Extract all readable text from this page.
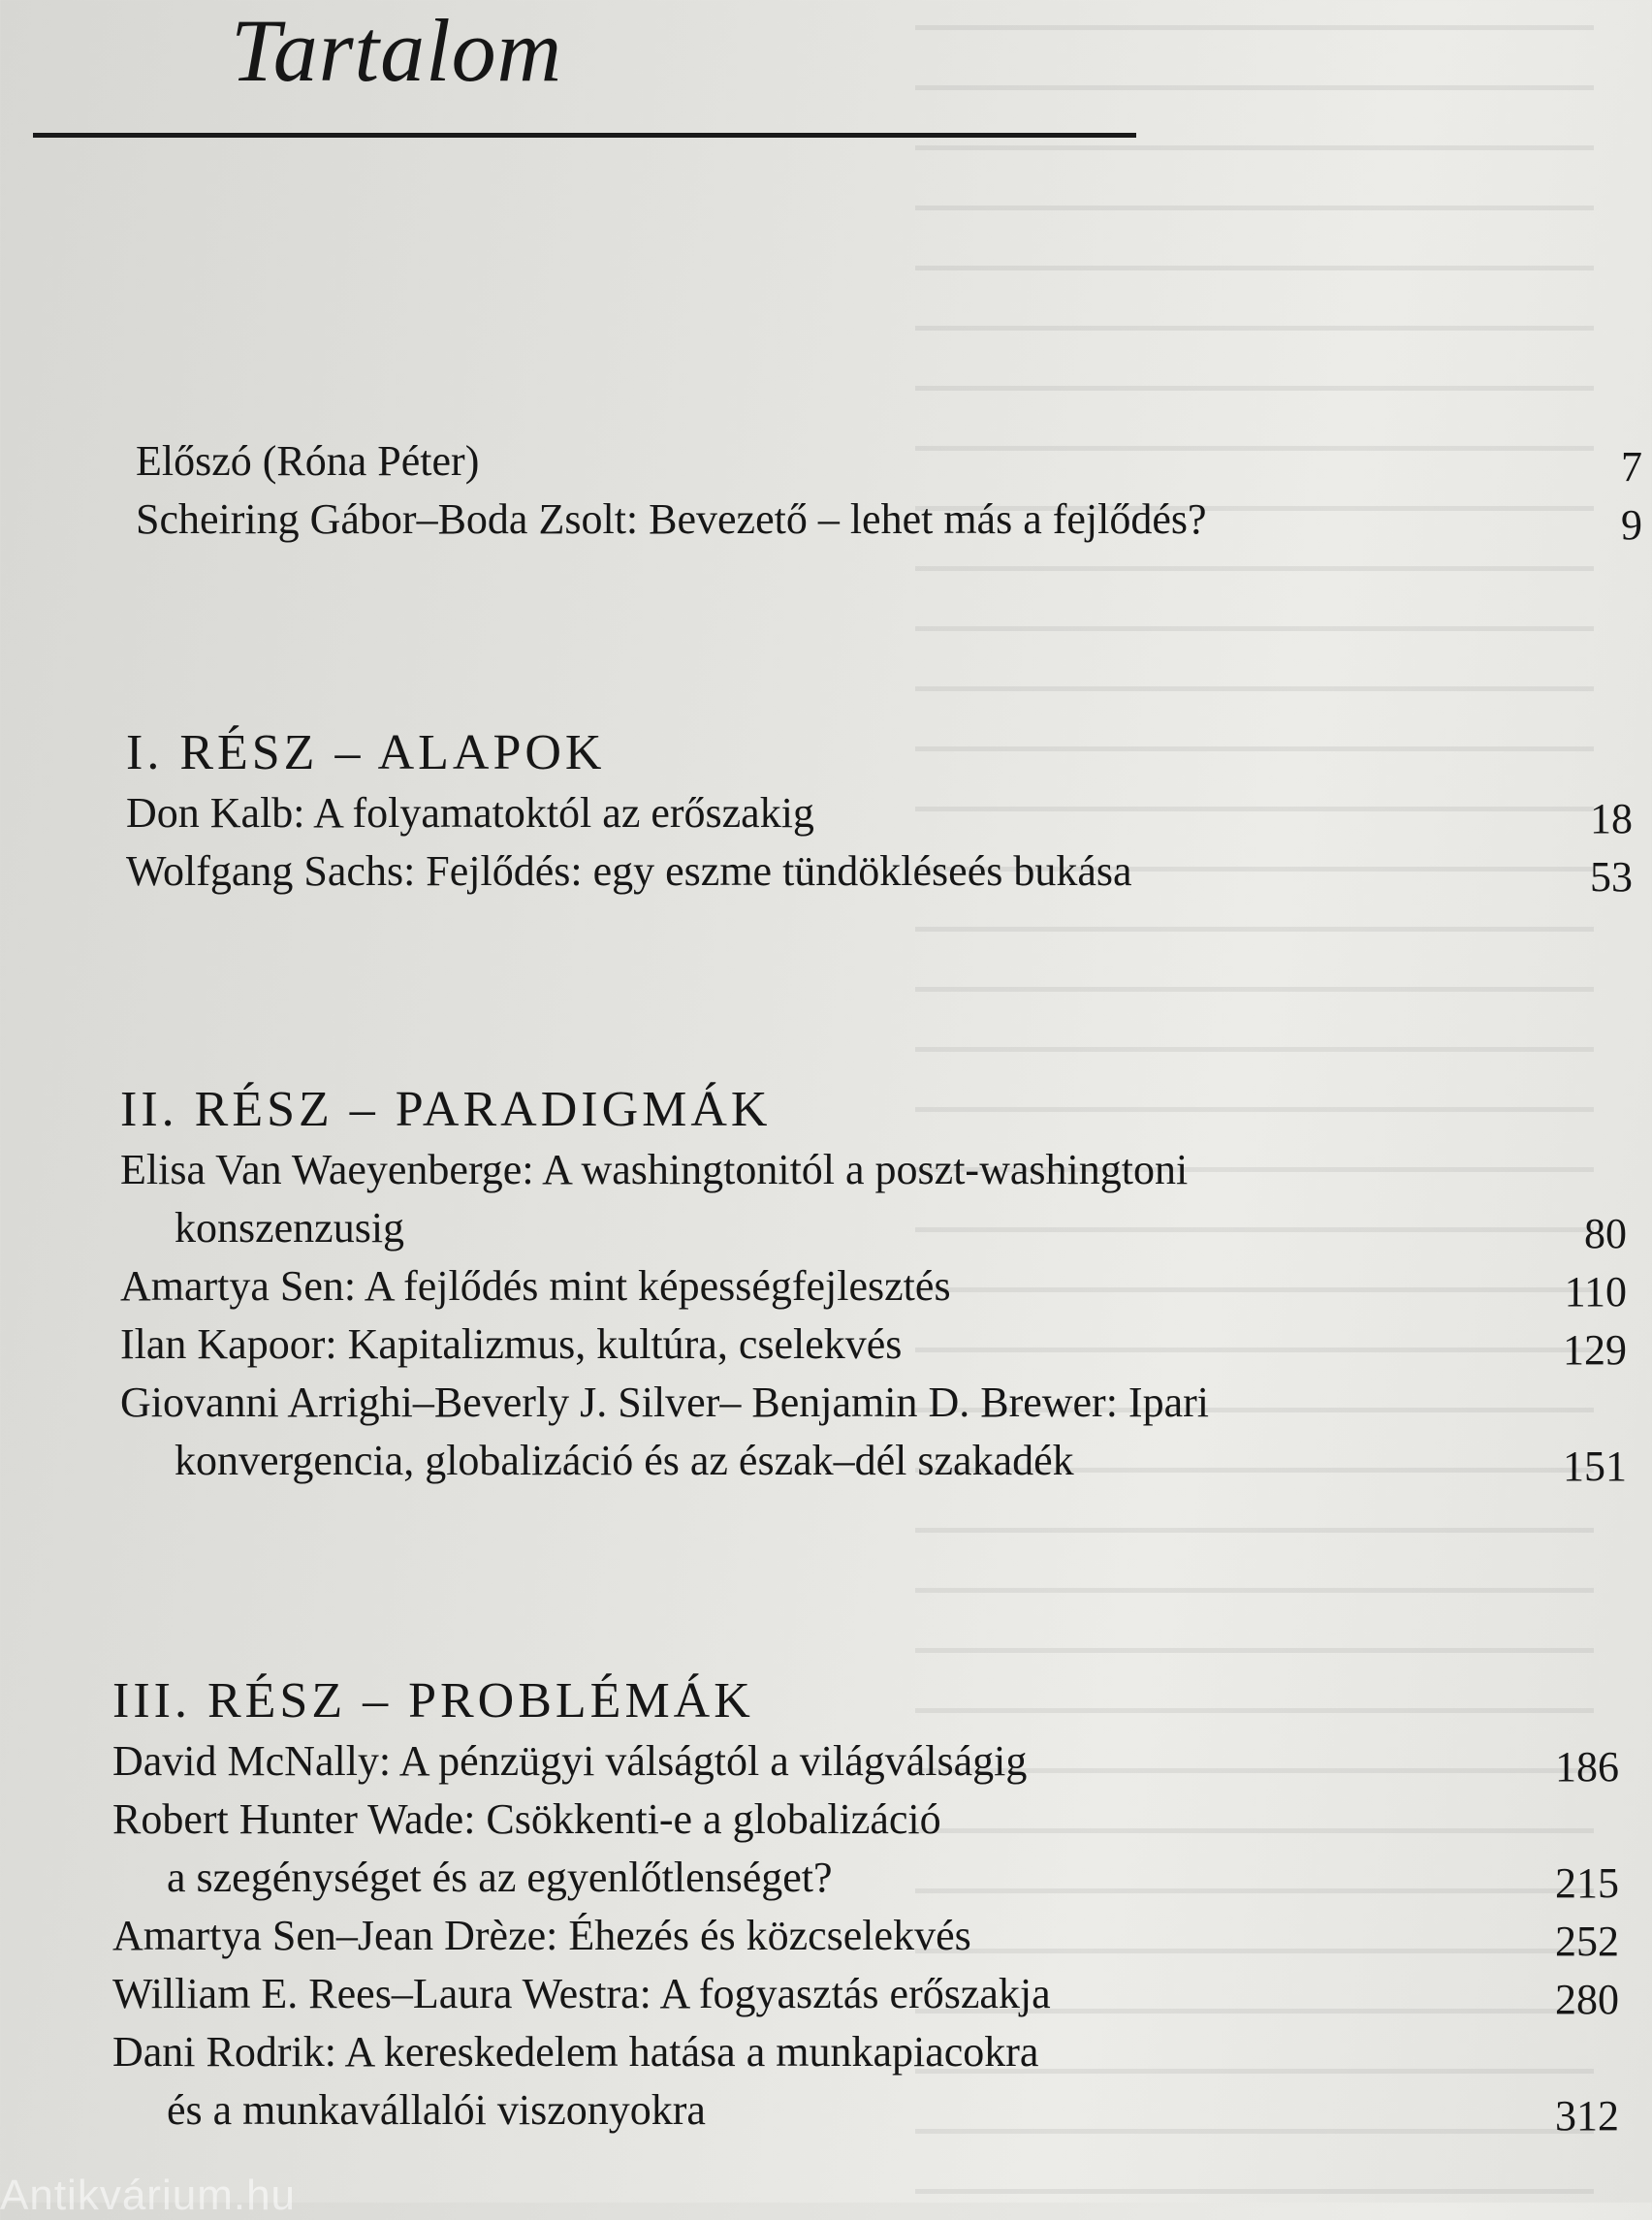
Tartalom
Előszó (Róna Péter)	7
Scheiring Gábor–Boda Zsolt: Bevezető – lehet más a fejlődés?	9
I. RÉSZ – ALAPOK
Don Kalb: A folyamatoktól az erőszakig	18
Wolfgang Sachs: Fejlődés: egy eszme tündökléseés bukása	53
II. RÉSZ – PARADIGMÁK
Elisa Van Waeyenberge: A washingtonitól a poszt-washingtoni
konszenzusig	80
Amartya Sen: A fejlődés mint képességfejlesztés	110
Ilan Kapoor: Kapitalizmus, kultúra, cselekvés	129
Giovanni Arrighi–Beverly J. Silver– Benjamin D. Brewer: Ipari
konvergencia, globalizáció és az észak–dél szakadék	151
III. RÉSZ – PROBLÉMÁK
David McNally: A pénzügyi válságtól a világválságig	186
Robert Hunter Wade: Csökkenti-e a globalizáció
a szegénységet és az egyenlőtlenséget?	215
Amartya Sen–Jean Drèze: Éhezés és közcselekvés	252
William E. Rees–Laura Westra: A fogyasztás erőszakja	280
Dani Rodrik: A kereskedelem hatása a munkapiacokra
és a munkavállalói viszonyokra	312
Antikvárium.hu
